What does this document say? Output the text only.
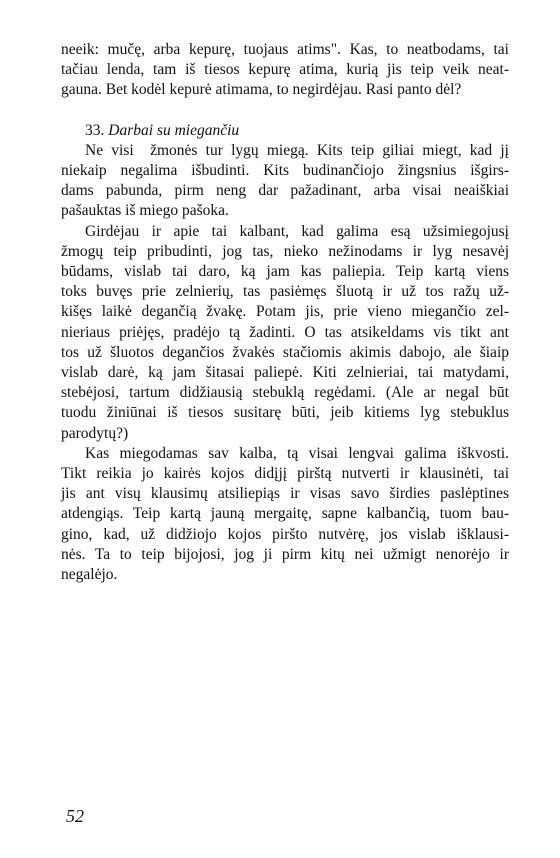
neeik: mučę, arba kepurę, tuojaus atims". Kas, to neatbodams, tai
tačiau lenda, tam iš tiesos kepurę atima, kurią jis teip veik neat-
gauna. Bet kodėl kepurė atimama, to negirdėjau. Rasi panto dėl?
33. Darbai su miegančiu
Ne visi  žmonės tur lygų miegą. Kits teip giliai miegt, kad jį
niekaip negalima išbudinti. Kits budinančiojo žingsnius išgirs-
dams pabunda, pirm neng dar pažadinant, arba visai neaiškiai
pašauktas iš miego pašoka.
Girdėjau ir apie tai kalbant, kad galima esą užsimiegojusį
žmogų teip pribudinti, jog tas, nieko nežinodams ir lyg nesavėj
būdams, vislab tai daro, ką jam kas paliepia. Teip kartą viens
toks buvęs prie zelnierių, tas pasiėmęs šluotą ir už tos ražų už-
kišęs laikė degančią žvakę. Potam jis, prie vieno miegančio zel-
nieriaus priėjęs, pradėjo tą žadinti. O tas atsikeldams vis tikt ant
tos už šluotos degančios žvakės stačiomis akimis dabojo, ale šiaip
vislab darė, ką jam šitasai paliepė. Kiti zelnieriai, tai matydami,
stebėjosi, tartum didžiausią stebuklą regėdami. (Ale ar negal būt
tuodu žiniūnai iš tiesos susitarę būti, jeib kitiems lyg stebuklus
parodytų?)
Kas miegodamas sav kalba, tą visai lengvai galima iškvosti.
Tikt reikia jo kairės kojos didįjį pirštą nutverti ir klausinėti, tai
jis ant visų klausimų atsiliepiąs ir visas savo širdies paslėptines
atdengiąs. Teip kartą jauną mergaitę, sapne kalbančią, tuom bau-
gino, kad, už didžiojo kojos piršto nutvėrę, jos vislab išklausi-
nės. Ta to teip bijojosi, jog ji pirm kitų nei užmigt nenorėjo ir
negalėjo.
52
